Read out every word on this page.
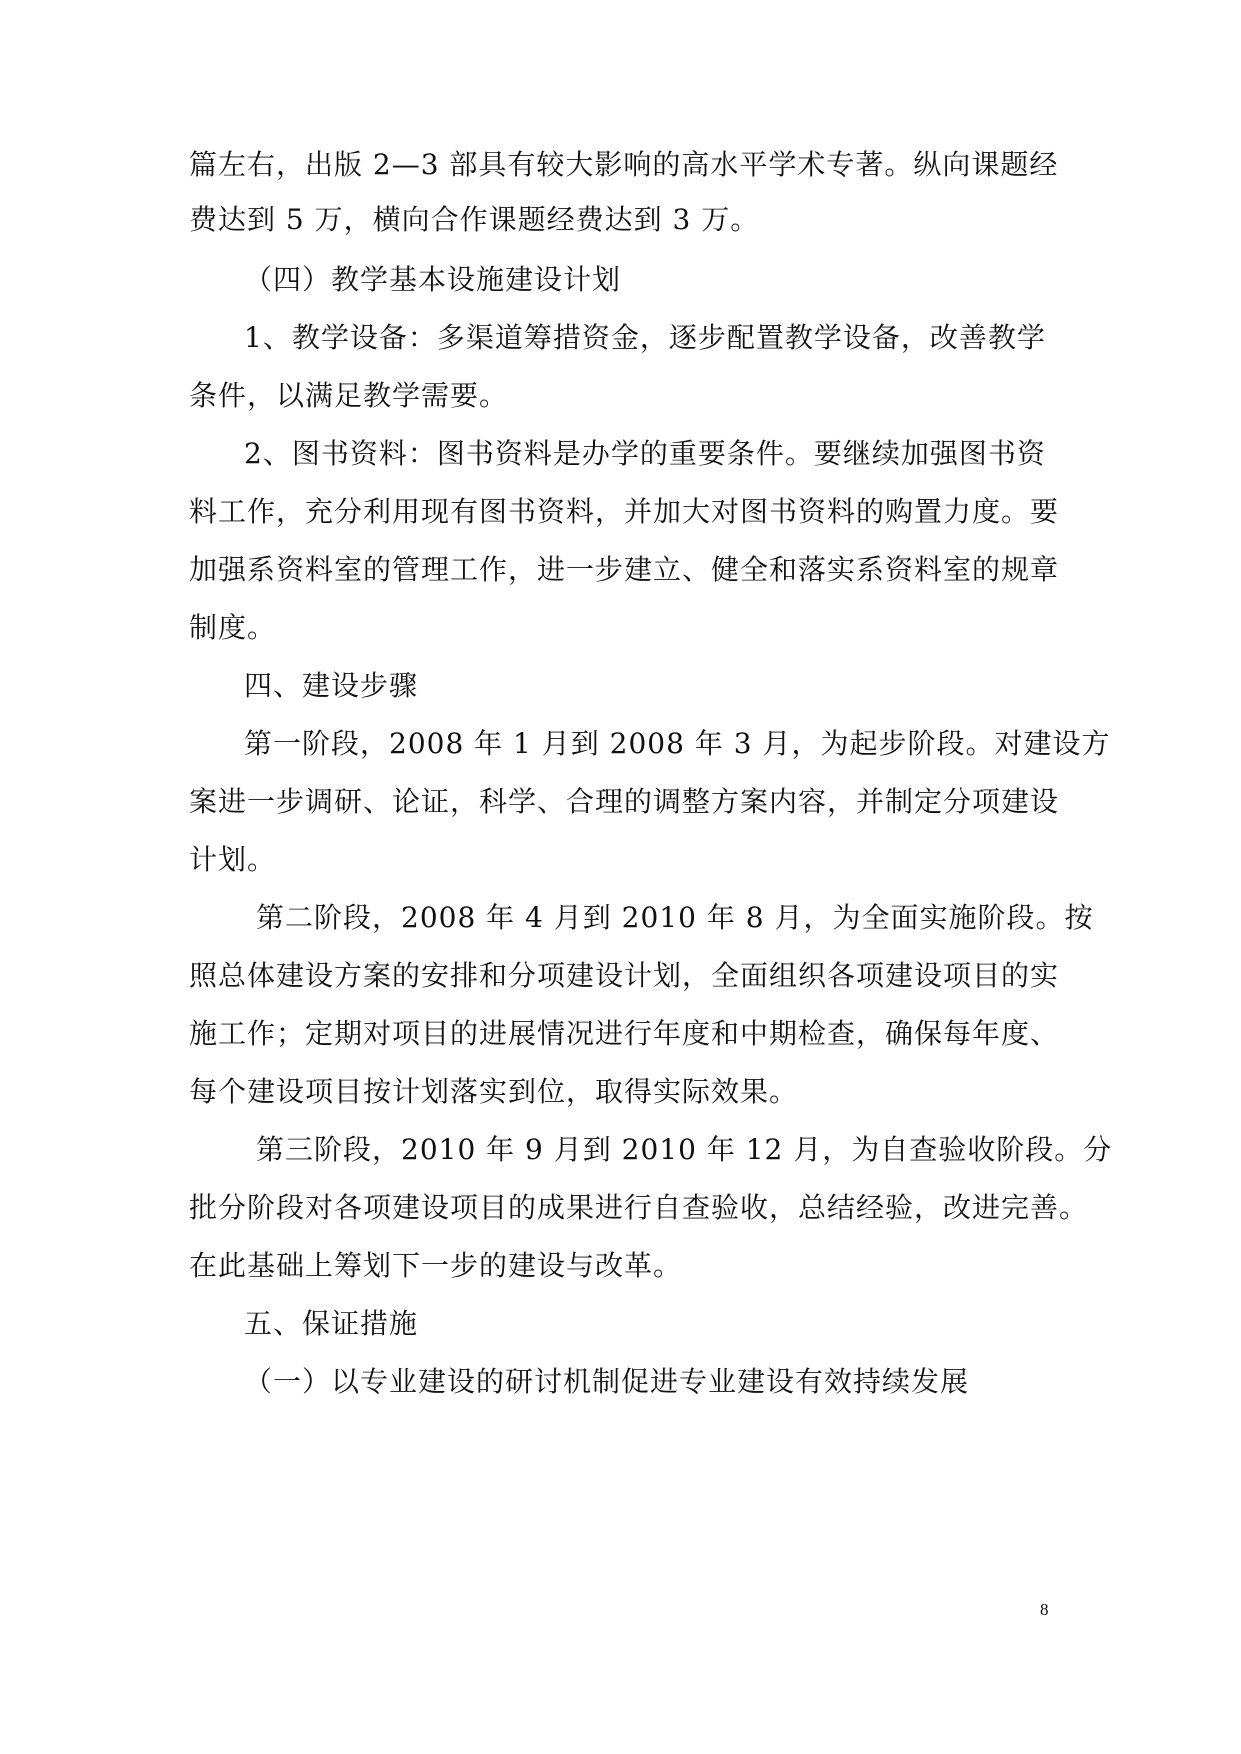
篇左右，出版 2—3 部具有较大影响的高水平学术专著。纵向课题经
费达到 5 万，横向合作课题经费达到 3 万。
（四）教学基本设施建设计划
1、教学设备：多渠道筹措资金，逐步配置教学设备，改善教学
条件，以满足教学需要。
2、图书资料：图书资料是办学的重要条件。要继续加强图书资
料工作，充分利用现有图书资料，并加大对图书资料的购置力度。要
加强系资料室的管理工作，进一步建立、健全和落实系资料室的规章
制度。
四、建设步骤
第一阶段，2008 年 1 月到 2008 年 3 月，为起步阶段。对建设方
案进一步调研、论证，科学、合理的调整方案内容，并制定分项建设
计划。
第二阶段，2008 年 4 月到 2010 年 8 月，为全面实施阶段。按
照总体建设方案的安排和分项建设计划，全面组织各项建设项目的实
施工作；定期对项目的进展情况进行年度和中期检查，确保每年度、
每个建设项目按计划落实到位，取得实际效果。
第三阶段，2010 年 9 月到 2010 年 12 月，为自查验收阶段。分
批分阶段对各项建设项目的成果进行自查验收，总结经验，改进完善。
在此基础上筹划下一步的建设与改革。
五、保证措施
（一）以专业建设的研讨机制促进专业建设有效持续发展
8
